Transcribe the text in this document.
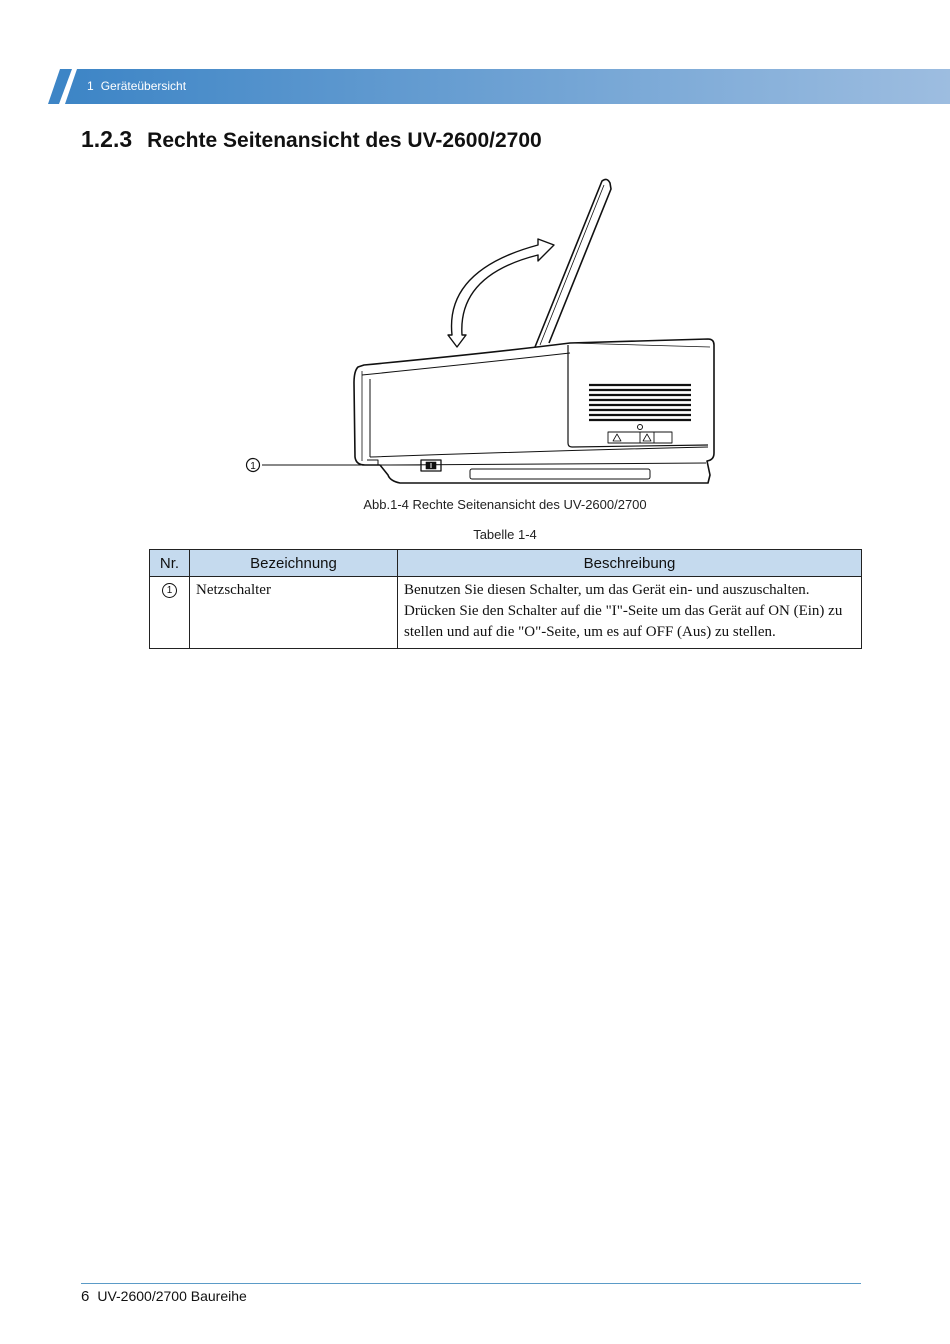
1 Geräteübersicht
1.2.3 Rechte Seitenansicht des UV-2600/2700
1
Abb.1-4 Rechte Seitenansicht des UV-2600/2700
Tabelle 1-4
Nr.	Bezeichnung	Beschreibung
1	Netzschalter	Benutzen Sie diesen Schalter, um das Gerät ein- und auszuschalten. Drücken Sie den Schalter auf die "I"-Seite um das Gerät auf ON (Ein) zu stellen und auf die "O"-Seite, um es auf OFF (Aus) zu stellen.
6 UV-2600/2700 Baureihe
